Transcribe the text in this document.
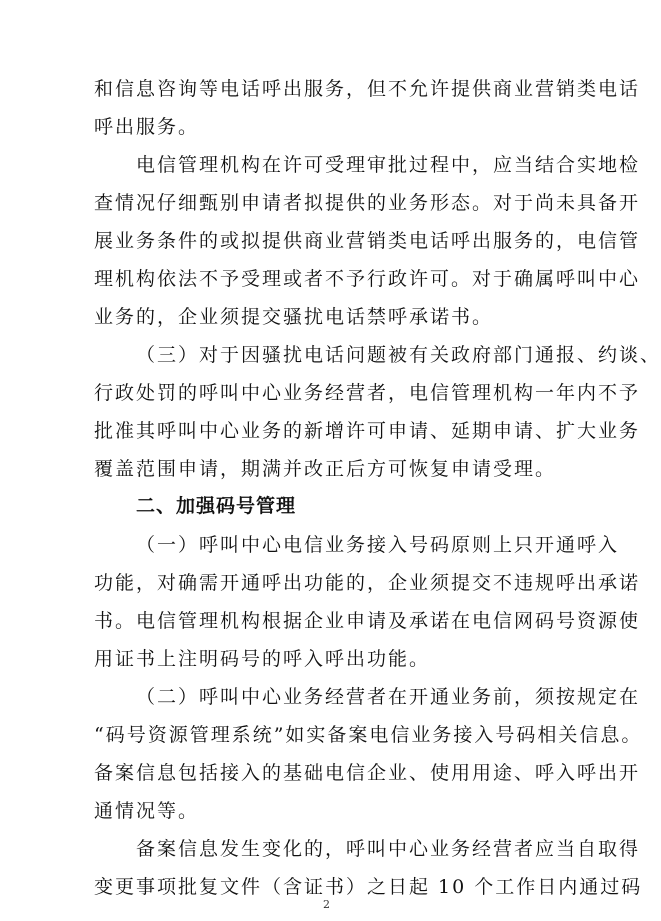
和信息咨询等电话呼出服务，但不允许提供商业营销类电话
呼出服务。
电信管理机构在许可受理审批过程中，应当结合实地检
查情况仔细甄别申请者拟提供的业务形态。对于尚未具备开
展业务条件的或拟提供商业营销类电话呼出服务的，电信管
理机构依法不予受理或者不予行政许可。对于确属呼叫中心
业务的，企业须提交骚扰电话禁呼承诺书。
（三）对于因骚扰电话问题被有关政府部门通报、约谈、
行政处罚的呼叫中心业务经营者，电信管理机构一年内不予
批准其呼叫中心业务的新增许可申请、延期申请、扩大业务
覆盖范围申请，期满并改正后方可恢复申请受理。
二、加强码号管理
（一）呼叫中心电信业务接入号码原则上只开通呼入
功能，对确需开通呼出功能的，企业须提交不违规呼出承诺
书。电信管理机构根据企业申请及承诺在电信网码号资源使
用证书上注明码号的呼入呼出功能。
（二）呼叫中心业务经营者在开通业务前，须按规定在
“码号资源管理系统”如实备案电信业务接入号码相关信息。
备案信息包括接入的基础电信企业、使用用途、呼入呼出开
通情况等。
备案信息发生变化的，呼叫中心业务经营者应当自取得
变更事项批复文件（含证书）之日起 10 个工作日内通过码
2
